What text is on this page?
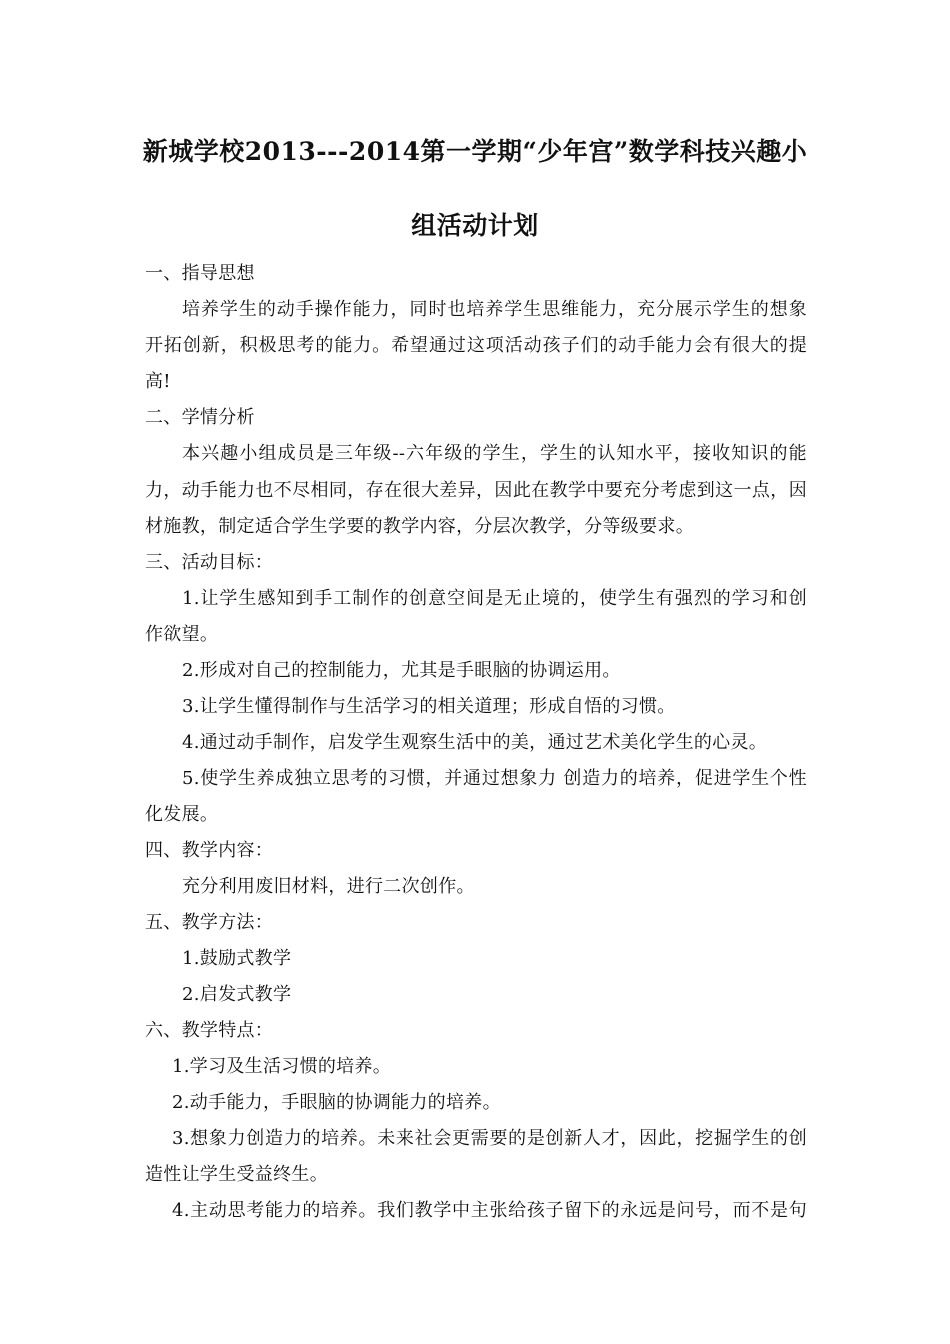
新城学校2013---2014第一学期“少年宫”数学科技兴趣小
组活动计划
一、指导思想
培养学生的动手操作能力，同时也培养学生思维能力，充分展示学生的想象
开拓创新，积极思考的能力。希望通过这项活动孩子们的动手能力会有很大的提
高!
二、学情分析
本兴趣小组成员是三年级--六年级的学生，学生的认知水平，接收知识的能
力，动手能力也不尽相同，存在很大差异，因此在教学中要充分考虑到这一点，因
材施教，制定适合学生学要的教学内容，分层次教学，分等级要求。
三、活动目标：
1.让学生感知到手工制作的创意空间是无止境的，使学生有强烈的学习和创
作欲望。
2.形成对自己的控制能力，尤其是手眼脑的协调运用。
3.让学生懂得制作与生活学习的相关道理；形成自悟的习惯。
4.通过动手制作，启发学生观察生活中的美，通过艺术美化学生的心灵。
5.使学生养成独立思考的习惯，并通过想象力 创造力的培养，促进学生个性
化发展。
四、教学内容：
充分利用废旧材料，进行二次创作。
五、教学方法：
1.鼓励式教学
2.启发式教学
六、教学特点：
1.学习及生活习惯的培养。
2.动手能力，手眼脑的协调能力的培养。
3.想象力创造力的培养。未来社会更需要的是创新人才，因此，挖掘学生的创
造性让学生受益终生。
4.主动思考能力的培养。我们教学中主张给孩子留下的永远是问号，而不是句
